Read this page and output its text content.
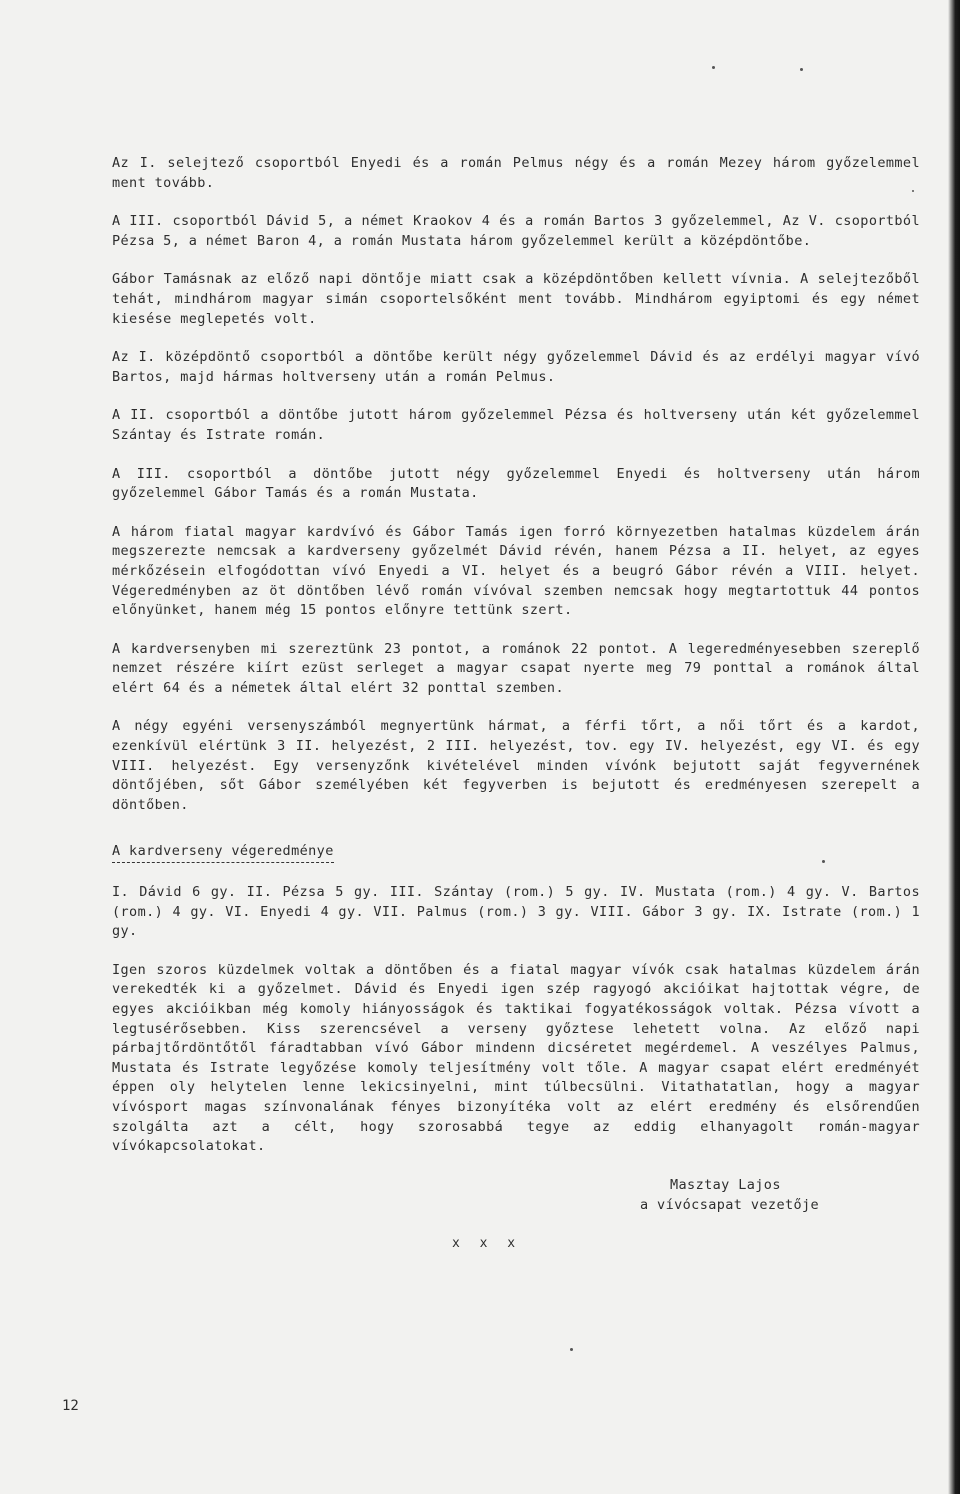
Az I. selejtező csoportból Enyedi és a román Pelmus négy és a román Mezey három győzelemmel ment tovább.

A III. csoportból Dávid 5, a német Kraokov 4 és a román Bartos 3 győzelemmel, Az V. csoportból Pézsa 5, a német Baron 4, a román Mustata három győzelemmel került a középdöntőbe.

Gábor Tamásnak az előző napi döntője miatt csak a középdöntőben kellett vívnia. A selejtezőből tehát, mindhárom magyar simán csoportelsőként ment tovább. Mindhárom egyiptomi és egy német kiesése meglepetés volt.

Az I. középdöntő csoportból a döntőbe került négy győzelemmel Dávid és az erdélyi magyar vívó Bartos, majd hármas holtverseny után a román Pelmus.

A II. csoportból a döntőbe jutott három győzelemmel Pézsa és holtverseny után két győzelemmel Szántay és Istrate román.

A III. csoportból a döntőbe jutott négy győzelemmel Enyedi és holtverseny után három győzelemmel Gábor Tamás és a román Mustata.

A három fiatal magyar kardvívó és Gábor Tamás igen forró környezetben hatalmas küzdelem árán megszerezte nemcsak a kardverseny győzelmét Dávid révén, hanem Pézsa a II. helyet, az egyes mérkőzésein elfogódottan vívó Enyedi a VI. helyet és a beugró Gábor révén a VIII. helyet. Végeredményben az öt döntőben lévő román vívóval szemben nemcsak hogy megtartottuk 44 pontos előnyünket, hanem még 15 pontos előnyre tettünk szert.

A kardversenyben mi szereztünk 23 pontot, a románok 22 pontot. A legeredményesebben szereplő nemzet részére kiírt ezüst serleget a magyar csapat nyerte meg 79 ponttal a románok által elért 64 és a németek által elért 32 ponttal szemben.

A négy egyéni versenyszámból megnyertünk hármat, a férfi tőrt, a női tőrt és a kardot, ezenkívül elértünk 3 II. helyezést, 2 III. helyezést, tov. egy IV. helyezést, egy VI. és egy VIII. helyezést. Egy versenyzőnk kivételével minden vívónk bejutott saját fegyvernének döntőjében, sőt Gábor személyében két fegyverben is bejutott és eredményesen szerepelt a döntőben.

A kardverseny végeredménye

I. Dávid 6 gy. II. Pézsa 5 gy. III. Szántay (rom.) 5 gy. IV. Mustata (rom.) 4 gy. V. Bartos (rom.) 4 gy. VI. Enyedi 4 gy. VII. Palmus (rom.) 3 gy. VIII. Gábor 3 gy. IX. Istrate (rom.) 1 gy.

Igen szoros küzdelmek voltak a döntőben és a fiatal magyar vívók csak hatalmas küzdelem árán verekedték ki a győzelmet. Dávid és Enyedi igen szép ragyogó akcióikat hajtottak végre, de egyes akcióikban még komoly hiányosságok és taktikai fogyatékosságok voltak. Pézsa vívott a legtusérősebben. Kiss szerencsével a verseny győztese lehetett volna. Az előző napi párbajtőrdöntőtől fáradtabban vívó Gábor mindenn dicséretet megérdemel. A veszélyes Palmus, Mustata és Istrate legyőzése komoly teljesítmény volt tőle. A magyar csapat elért eredményét éppen oly helytelen lenne lekicsinyelni, mint túlbecsülni. Vitathatatlan, hogy a magyar vívósport magas színvonalának fényes bizonyítéka volt az elért eredmény és elsőrendűen szolgálta azt a célt, hogy szorosabbá tegye az eddig elhanyagolt román-magyar vívókapcsolatokat.

Masztay Lajos
a vívócsapat vezetője
x x x
12
